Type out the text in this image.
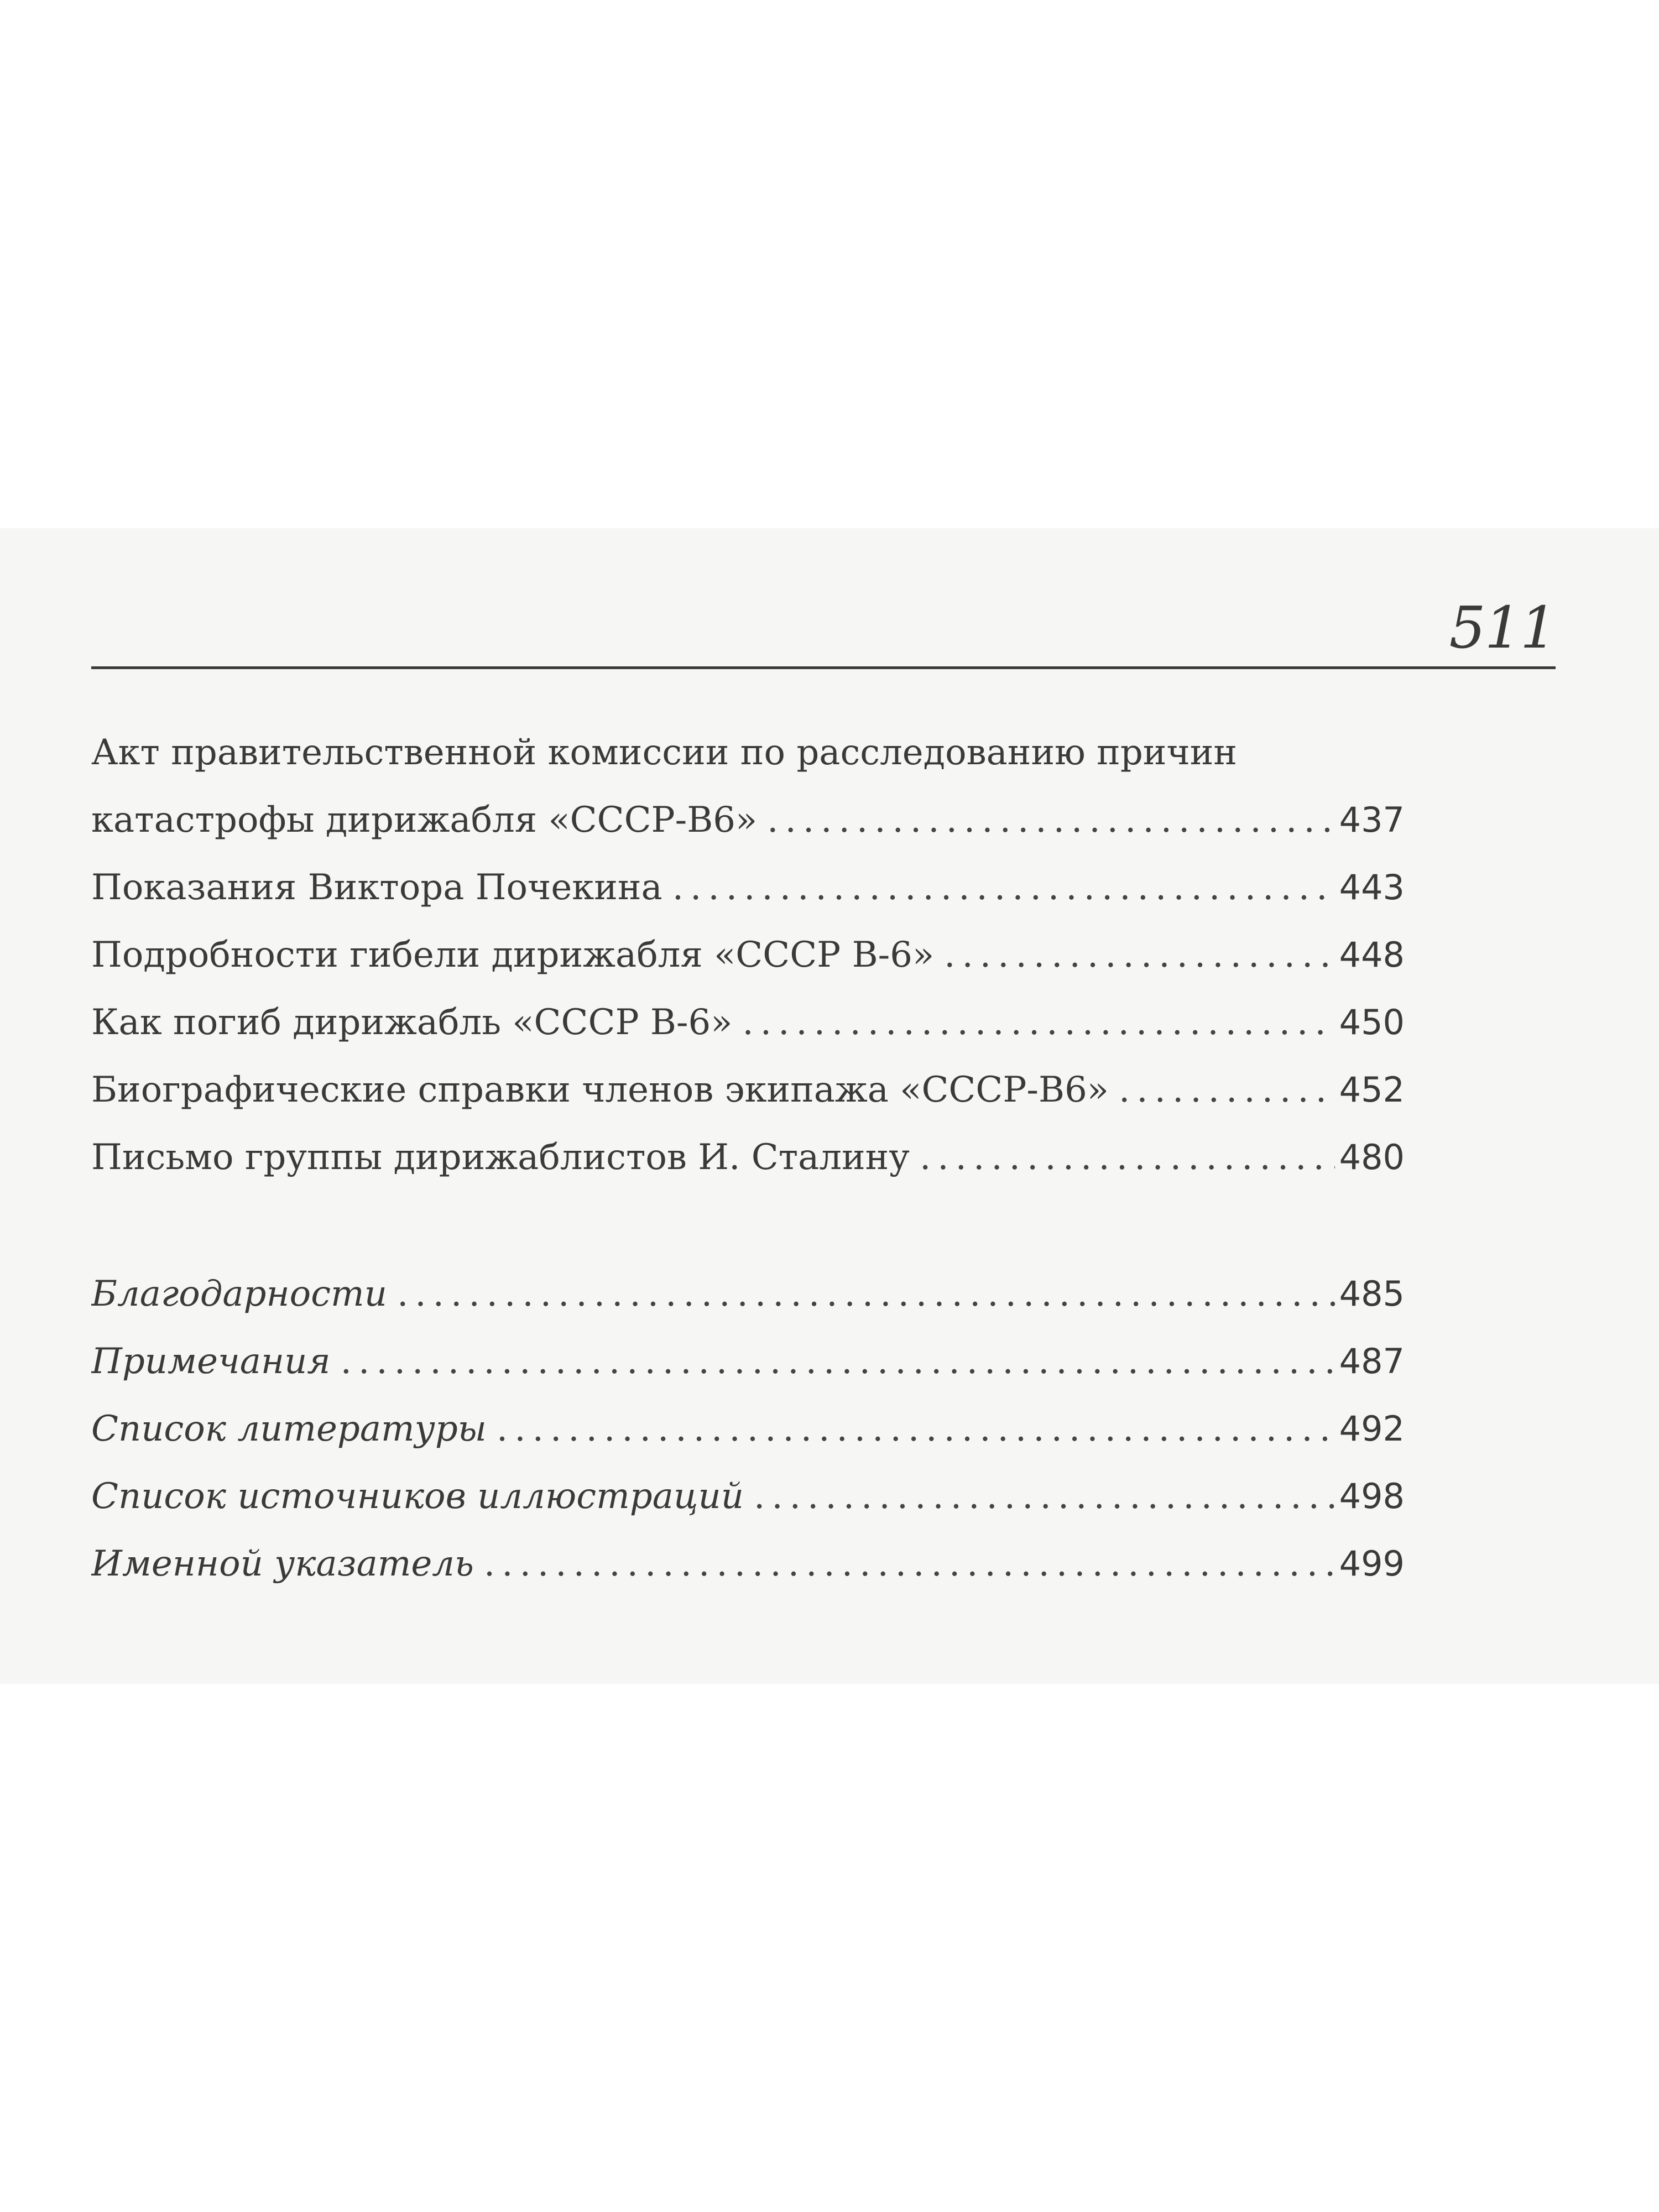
511
Акт правительственной комиссии по расследованию причин
катастрофы дирижабля «СССР-В6» .....	437
Показания Виктора Почекина .....	443
Подробности гибели дирижабля «СССР В-6» .....	448
Как погиб дирижабль «СССР В-6» .....	450
Биографические справки членов экипажа «СССР-В6» .....	452
Письмо группы дирижаблистов И. Сталину .....	480
Благодарности .....	485
Примечания .....	487
Список литературы .....	492
Список источников иллюстраций .....	498
Именной указатель .....	499
